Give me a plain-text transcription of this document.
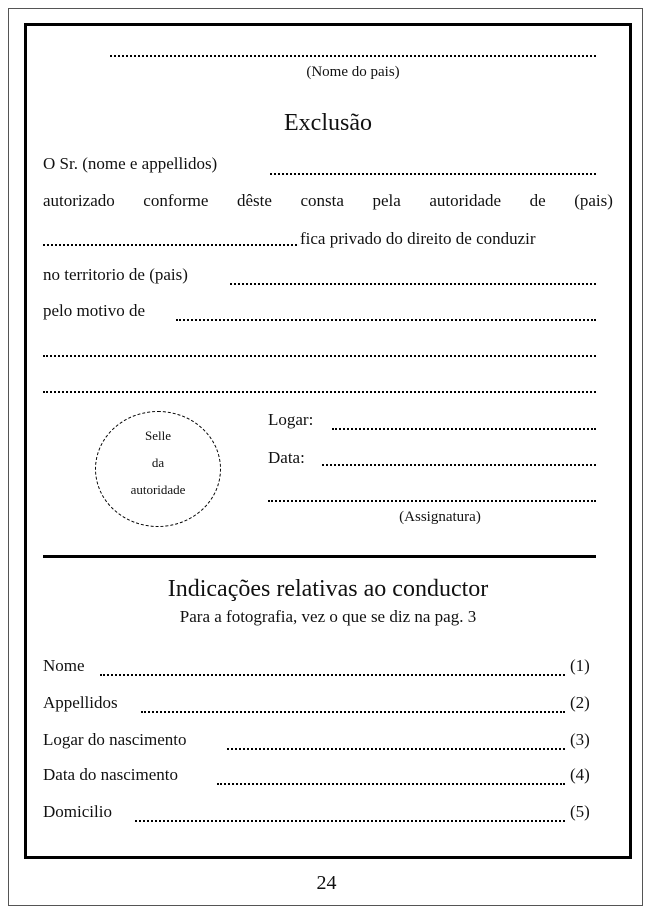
(Nome do pais)
Exclusão
O Sr. (nome e appellidos)
autorizado conforme dêste consta pela autoridade de (pais)
fica privado do direito de conduzir
no territorio de (pais)
pelo motivo de
Selle
da
autoridade
Logar:
Data:
(Assignatura)
Indicações relativas ao conductor
Para a fotografia, vez o que se diz na pag. 3
Nome	(1)
Appellidos	(2)
Logar do nascimento	(3)
Data do nascimento	(4)
Domicilio	(5)
24
